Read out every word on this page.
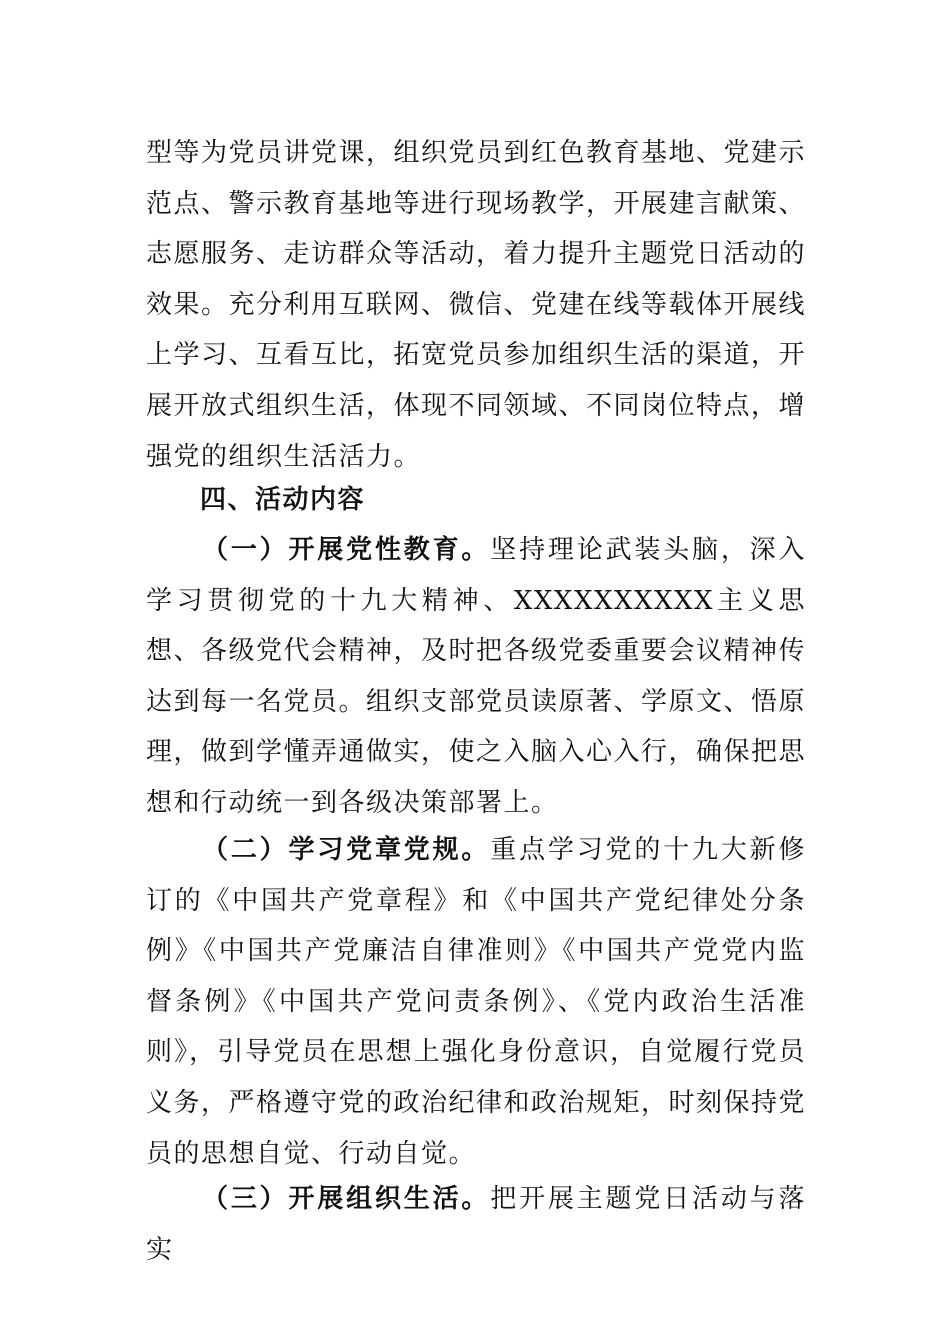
型等为党员讲党课，组织党员到红色教育基地、党建示范点、警示教育基地等进行现场教学，开展建言献策、志愿服务、走访群众等活动，着力提升主题党日活动的效果。充分利用互联网、微信、党建在线等载体开展线上学习、互看互比，拓宽党员参加组织生活的渠道，开展开放式组织生活，体现不同领域、不同岗位特点，增强党的组织生活活力。

四、活动内容

（一）开展党性教育。坚持理论武装头脑，深入学习贯彻党的十九大精神、XXXXXXXXXX主义思想、各级党代会精神，及时把各级党委重要会议精神传达到每一名党员。组织支部党员读原著、学原文、悟原理，做到学懂弄通做实，使之入脑入心入行，确保把思想和行动统一到各级决策部署上。

（二）学习党章党规。重点学习党的十九大新修订的《中国共产党章程》和《中国共产党纪律处分条例》《中国共产党廉洁自律准则》《中国共产党党内监督条例》《中国共产党问责条例》、《党内政治生活准则》，引导党员在思想上强化身份意识，自觉履行党员义务，严格遵守党的政治纪律和政治规矩，时刻保持党员的思想自觉、行动自觉。

（三）开展组织生活。把开展主题党日活动与落实
